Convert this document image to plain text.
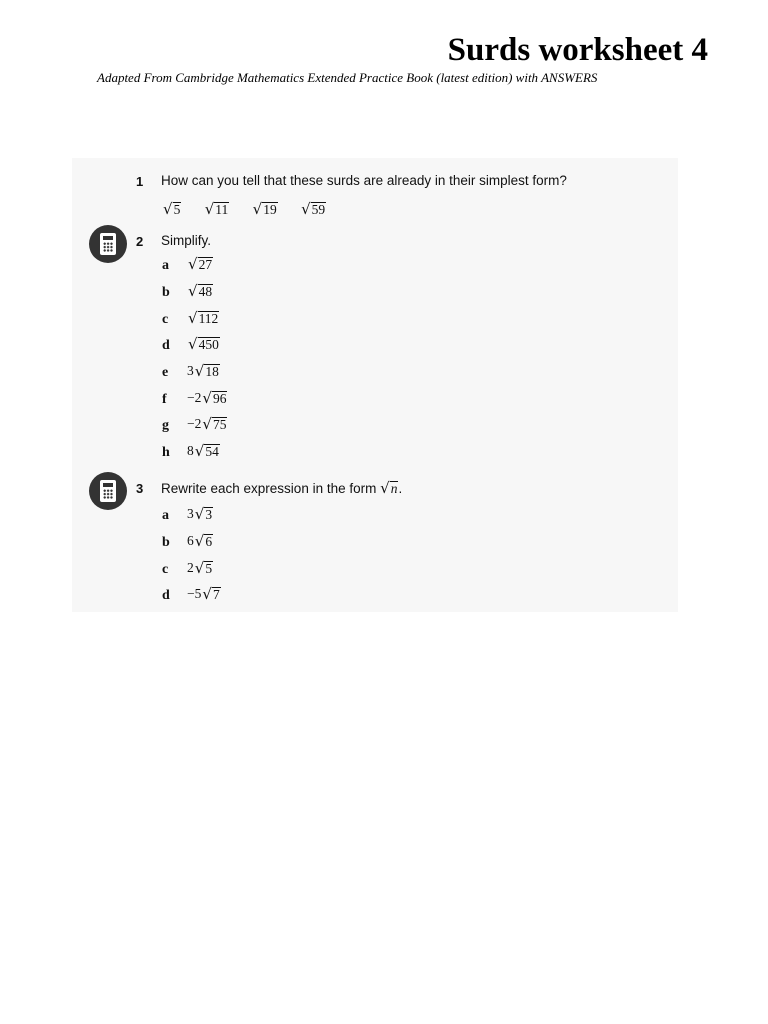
Surds worksheet 4
Adapted From Cambridge Mathematics Extended Practice Book (latest edition) with ANSWERS
1 How can you tell that these surds are already in their simplest form?
√ 5
√ 11
√ 19
√ 59
2 Simplify.
a √ 27
b √ 48
c √ 112
d √ 450
e 3 √ 18
f −2 √ 96
g −2 √ 75
h 8 √ 54
3 Rewrite each expression in the form √ n .
a 3 √ 3
b 6 √ 6
c 2 √ 5
d −5 √ 7
